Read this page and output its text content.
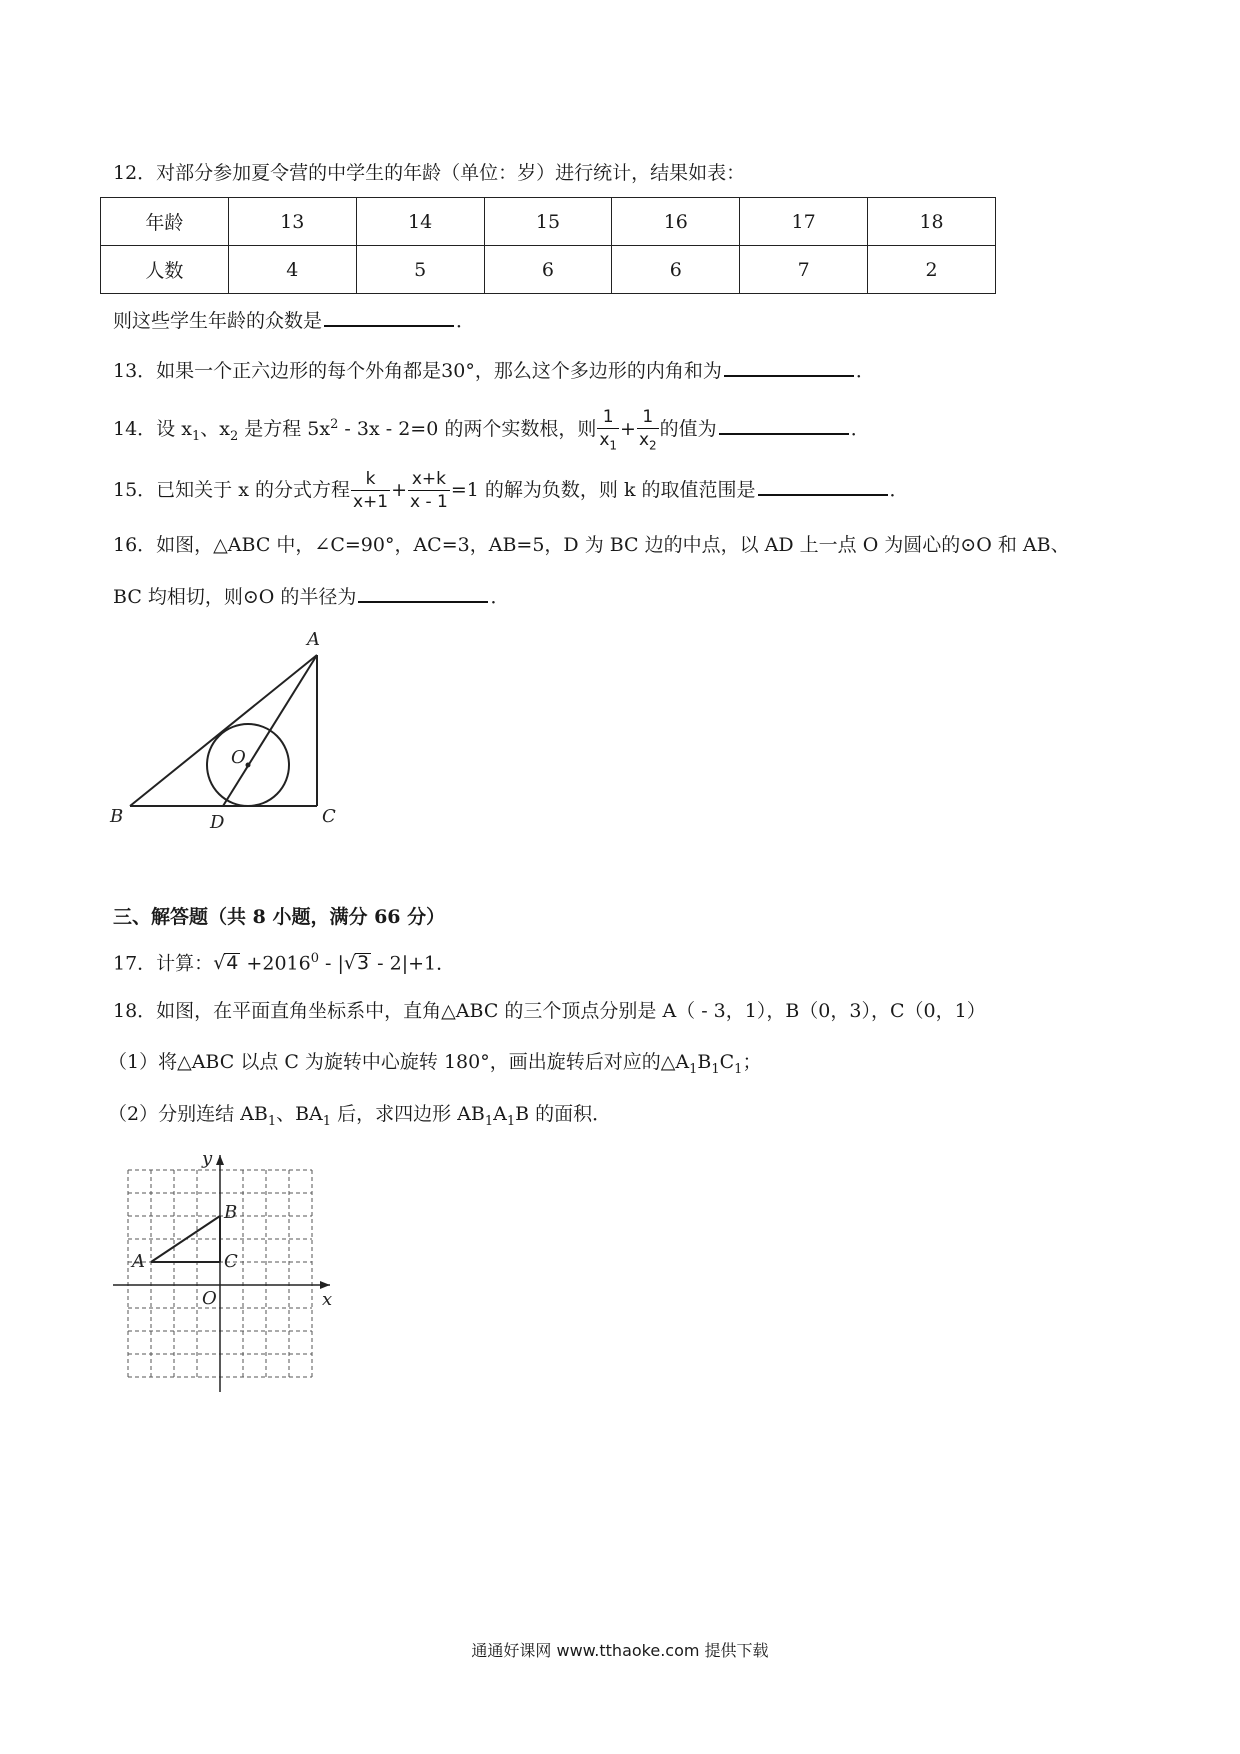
12．对部分参加夏令营的中学生的年龄（单位：岁）进行统计，结果如表：
年龄	13	14	15	16	17	18
人数	4	5	6	6	7	2
则这些学生年龄的众数是	．
13．如果一个正六边形的每个外角都是30°，那么这个多边形的内角和为	．
14．设 $x_1$、$x_2$ 是方程 $5x^2 - 3x - 2=0$ 的两个实数根，则 $\frac{1}{x_1} + \frac{1}{x_2}$ 的值为	．
15．已知关于 x 的分式方程 $\frac{k}{x+1} + \frac{x+k}{x - 1} =1$ 的解为负数，则 k 的取值范围是	．
16．如图，△ABC 中，∠C=90°，AC=3，AB=5，D 为 BC 边的中点，以 AD 上一点 O 为圆心的⊙O 和 AB、
BC 均相切，则⊙O 的半径为	．
A
B	C
D
O
三、解答题（共 8 小题，满分 66 分）
17．计算：$√4 +2016^0 - |√3 - 2|+1$．
18．如图，在平面直角坐标系中，直角△ABC 的三个顶点分别是 A（ - 3，1），B（0，3），C（0，1）
（1）将△ABC 以点 C 为旋转中心旋转 180°，画出旋转后对应的$\triangle A_1B_1C_1$；
（2）分别连结 $AB_1$、$BA_1$ 后，求四边形 $AB_1A_1B$ 的面积．
x
y
O
A
B
C
通通好课网 www.tthaoke.com 提供下载
